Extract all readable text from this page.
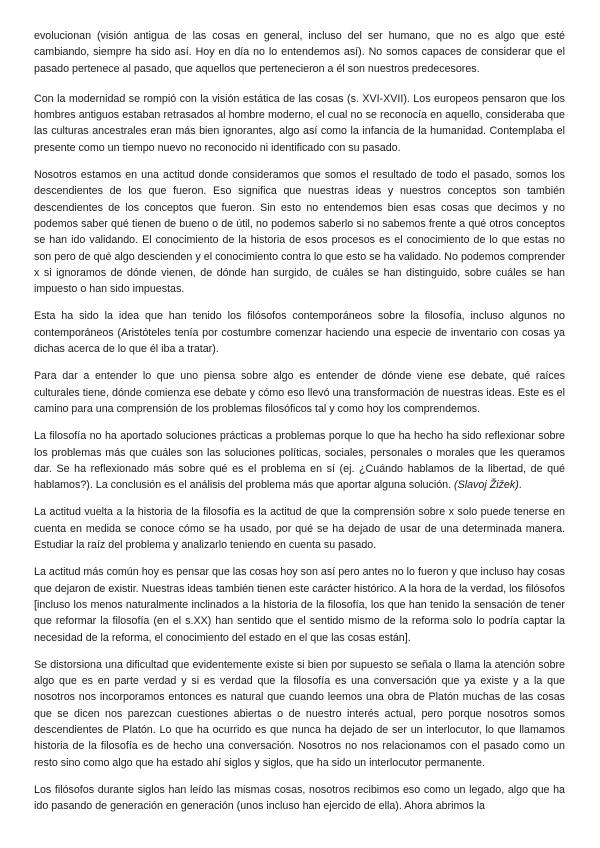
evolucionan (visión antigua de las cosas en general, incluso del ser humano, que no es algo que esté cambiando, siempre ha sido así. Hoy en día no lo entendemos así). No somos capaces de considerar que el pasado pertenece al pasado, que aquellos que pertenecieron a él son nuestros predecesores.

Con la modernidad se rompió con la visión estática de las cosas (s. XVI-XVII). Los europeos pensaron que los hombres antiguos estaban retrasados al hombre moderno, el cual no se reconocía en aquello, consideraba que las culturas ancestrales eran más bien ignorantes, algo así como la infancia de la humanidad. Contemplaba el presente como un tiempo nuevo no reconocido ni identificado con su pasado.

Nosotros estamos en una actitud donde consideramos que somos el resultado de todo el pasado, somos los descendientes de los que fueron. Eso significa que nuestras ideas y nuestros conceptos son también descendientes de los conceptos que fueron. Sin esto no entendemos bien esas cosas que decimos y no podemos saber qué tienen de bueno o de útil, no podemos saberlo si no sabemos frente a qué otros conceptos se han ido validando. El conocimiento de la historia de esos procesos es el conocimiento de lo que estas no son pero de qué algo descienden y el conocimiento contra lo que esto se ha validado. No podemos comprender x si ignoramos de dónde vienen, de dónde han surgido, de cuáles se han distinguido, sobre cuáles se han impuesto o han sido impuestas.

Esta ha sido la idea que han tenido los filósofos contemporáneos sobre la filosofía, incluso algunos no contemporáneos (Aristóteles tenía por costumbre comenzar haciendo una especie de inventario con cosas ya dichas acerca de lo que él iba a tratar).

Para dar a entender lo que uno piensa sobre algo es entender de dónde viene ese debate, qué raíces culturales tiene, dónde comienza ese debate y cómo eso llevó una transformación de nuestras ideas. Este es el camino para una comprensión de los problemas filosóficos tal y como hoy los comprendemos.

La filosofía no ha aportado soluciones prácticas a problemas porque lo que ha hecho ha sido reflexionar sobre los problemas más que cuáles son las soluciones políticas, sociales, personales o morales que les queramos dar. Se ha reflexionado más sobre qué es el problema en sí (ej. ¿Cuándo hablamos de la libertad, de qué hablamos?). La conclusión es el análisis del problema más que aportar alguna solución. (Slavoj Žižek).

La actitud vuelta a la historia de la filosofía es la actitud de que la comprensión sobre x solo puede tenerse en cuenta en medida se conoce cómo se ha usado, por qué se ha dejado de usar de una determinada manera. Estudiar la raíz del problema y analizarlo teniendo en cuenta su pasado.

La actitud más común hoy es pensar que las cosas hoy son así pero antes no lo fueron y que incluso hay cosas que dejaron de existir. Nuestras ideas también tienen este carácter histórico. A la hora de la verdad, los filósofos [incluso los menos naturalmente inclinados a la historia de la filosofía, los que han tenido la sensación de tener que reformar la filosofía (en el s.XX) han sentido que el sentido mismo de la reforma solo lo podría captar la necesidad de la reforma, el conocimiento del estado en el que las cosas están].

Se distorsiona una dificultad que evidentemente existe si bien por supuesto se señala o llama la atención sobre algo que es en parte verdad y si es verdad que la filosofía es una conversación que ya existe y a la que nosotros nos incorporamos entonces es natural que cuando leemos una obra de Platón muchas de las cosas que se dicen nos parezcan cuestiones abiertas o de nuestro interés actual, pero porque nosotros somos descendientes de Platón. Lo que ha ocurrido es que nunca ha dejado de ser un interlocutor, lo que llamamos historia de la filosofía es de hecho una conversación. Nosotros no nos relacionamos con el pasado como un resto sino como algo que ha estado ahí siglos y siglos, que ha sido un interlocutor permanente.

Los filósofos durante siglos han leído las mismas cosas, nosotros recibimos eso como un legado, algo que ha ido pasando de generación en generación (unos incluso han ejercido de ella). Ahora abrimos la
